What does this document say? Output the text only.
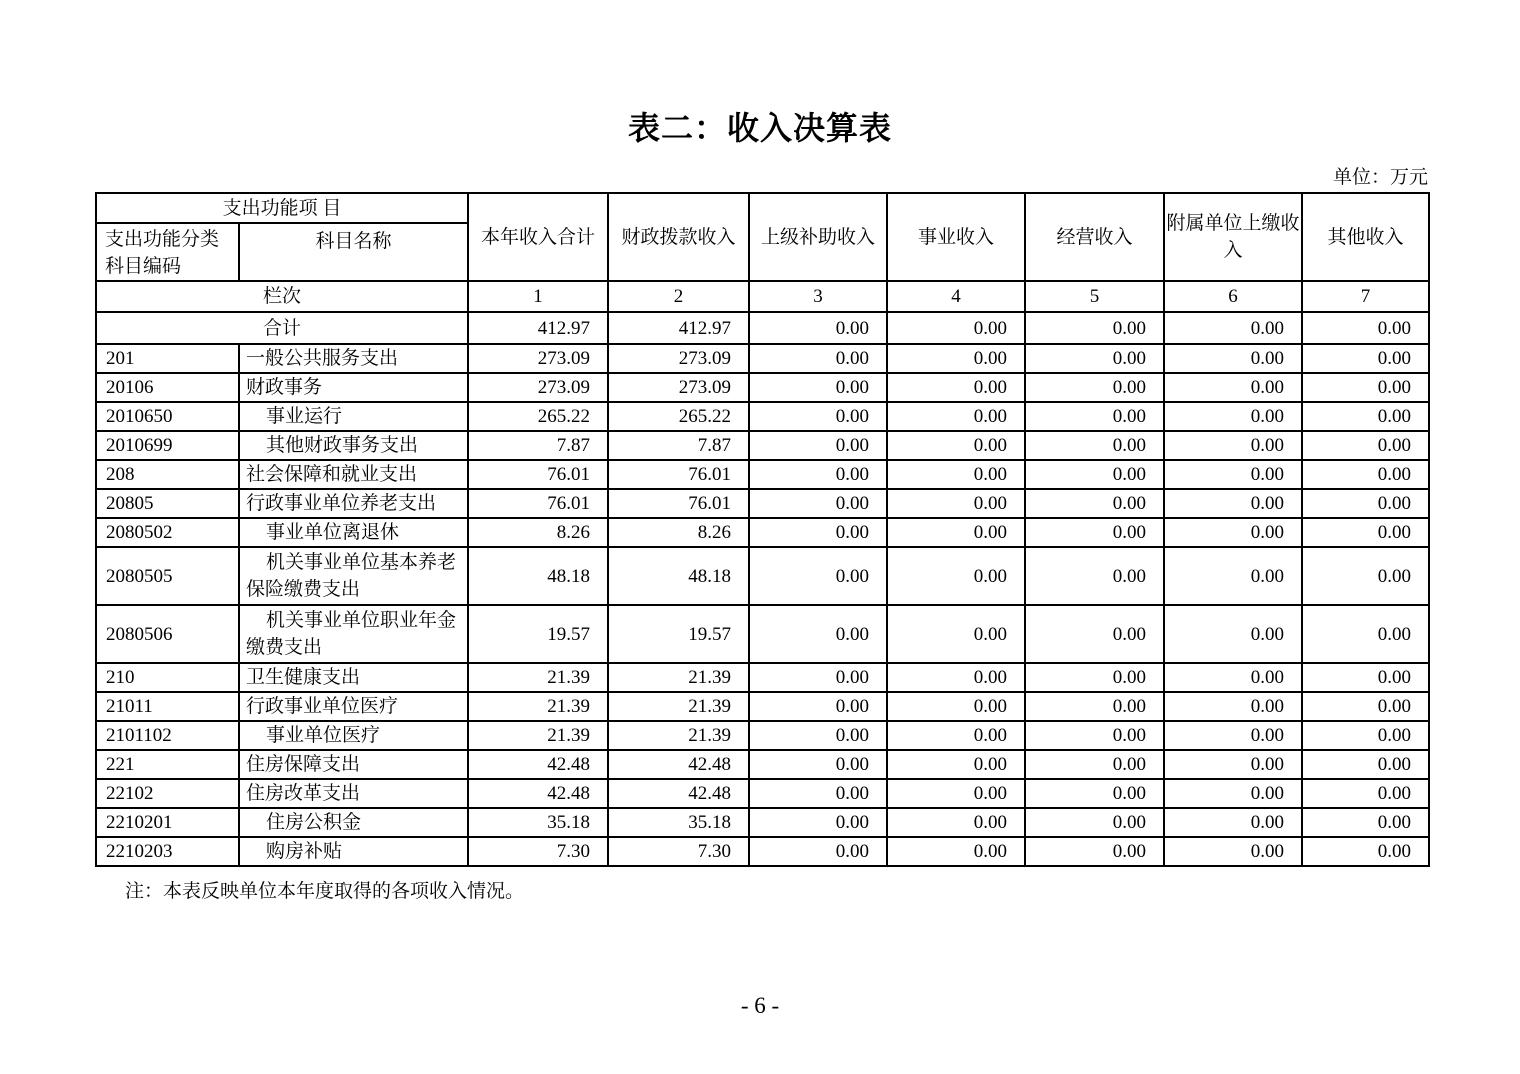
表二：收入决算表
单位：万元
支出功能项 目		本年收入合计	财政拨款收入	上级补助收入	事业收入	经营收入	附属单位上缴收入	其他收入

支出功能分类
科目编码	科目名称							
栏次		1	2	3	4	5	6	7
合计		412.97	412.97	0.00	0.00	0.00	0.00	0.00
201	一般公共服务支出	273.09	273.09	0.00	0.00	0.00	0.00	0.00
20106	财政事务	273.09	273.09	0.00	0.00	0.00	0.00	0.00
2010650	事业运行	265.22	265.22	0.00	0.00	0.00	0.00	0.00
2010699	其他财政事务支出	7.87	7.87	0.00	0.00	0.00	0.00	0.00
208	社会保障和就业支出	76.01	76.01	0.00	0.00	0.00	0.00	0.00
20805	行政事业单位养老支出	76.01	76.01	0.00	0.00	0.00	0.00	0.00
2080502	事业单位离退休	8.26	8.26	0.00	0.00	0.00	0.00	0.00
2080505	机关事业单位基本养老保险缴费支出	48.18	48.18	0.00	0.00	0.00	0.00	0.00
2080506	机关事业单位职业年金缴费支出	19.57	19.57	0.00	0.00	0.00	0.00	0.00
210	卫生健康支出	21.39	21.39	0.00	0.00	0.00	0.00	0.00
21011	行政事业单位医疗	21.39	21.39	0.00	0.00	0.00	0.00	0.00
2101102	事业单位医疗	21.39	21.39	0.00	0.00	0.00	0.00	0.00
221	住房保障支出	42.48	42.48	0.00	0.00	0.00	0.00	0.00
22102	住房改革支出	42.48	42.48	0.00	0.00	0.00	0.00	0.00
2210201	住房公积金	35.18	35.18	0.00	0.00	0.00	0.00	0.00
2210203	购房补贴	7.30	7.30	0.00	0.00	0.00	0.00	0.00
注：本表反映单位本年度取得的各项收入情况。
- 6 -
